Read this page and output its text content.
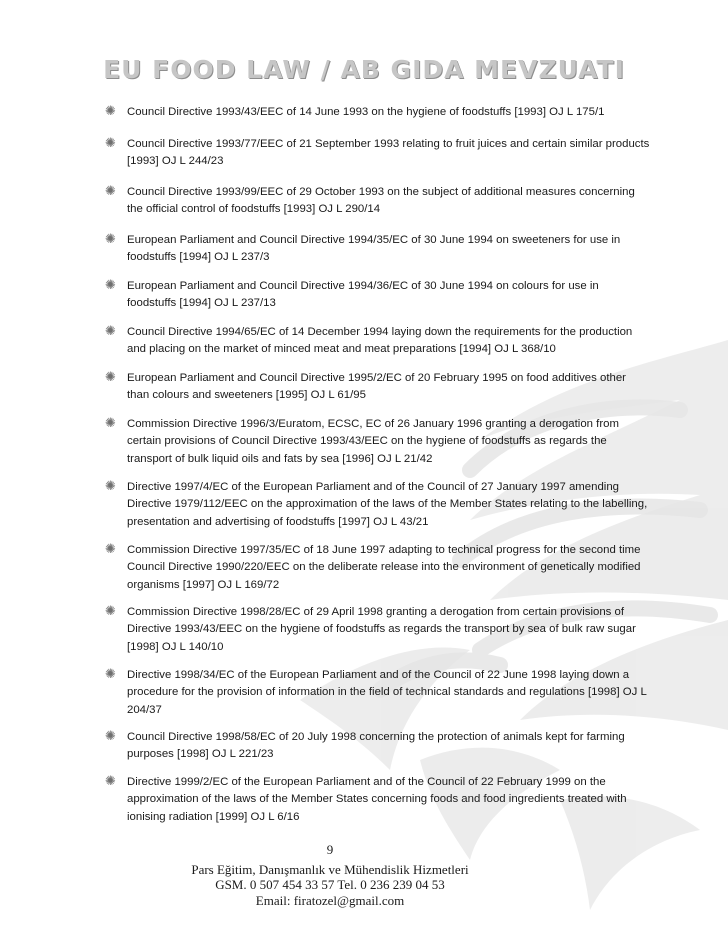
EU FOOD LAW / AB GIDA MEVZUATI
✺ Council Directive 1993/43/EEC of 14 June 1993 on the hygiene of foodstuffs [1993] OJ L 175/1
✺ Council Directive 1993/77/EEC of 21 September 1993 relating to fruit juices and certain similar products [1993] OJ L 244/23
✺ Council Directive 1993/99/EEC of 29 October 1993 on the subject of additional measures concerning the official control of foodstuffs [1993] OJ L 290/14
✺ European Parliament and Council Directive 1994/35/EC of 30 June 1994 on sweeteners for use in foodstuffs [1994] OJ L 237/3
✺ European Parliament and Council Directive 1994/36/EC of 30 June 1994 on colours for use in foodstuffs [1994] OJ L 237/13
✺ Council Directive 1994/65/EC of 14 December 1994 laying down the requirements for the production and placing on the market of minced meat and meat preparations [1994] OJ L 368/10
✺ European Parliament and Council Directive 1995/2/EC of 20 February 1995 on food additives other than colours and sweeteners [1995] OJ L 61/95
✺ Commission Directive 1996/3/Euratom, ECSC, EC of 26 January 1996 granting a derogation from certain provisions of Council Directive 1993/43/EEC on the hygiene of foodstuffs as regards the transport of bulk liquid oils and fats by sea [1996] OJ L 21/42
✺ Directive 1997/4/EC of the European Parliament and of the Council of 27 January 1997 amending Directive 1979/112/EEC on the approximation of the laws of the Member States relating to the labelling, presentation and advertising of foodstuffs [1997] OJ L 43/21
✺ Commission Directive 1997/35/EC of 18 June 1997 adapting to technical progress for the second time Council Directive 1990/220/EEC on the deliberate release into the environment of genetically modified organisms [1997] OJ L 169/72
✺ Commission Directive 1998/28/EC of 29 April 1998 granting a derogation from certain provisions of Directive 1993/43/EEC on the hygiene of foodstuffs as regards the transport by sea of bulk raw sugar [1998] OJ L 140/10
✺ Directive 1998/34/EC of the European Parliament and of the Council of 22 June 1998 laying down a procedure for the provision of information in the field of technical standards and regulations [1998] OJ L 204/37
✺ Council Directive 1998/58/EC of 20 July 1998 concerning the protection of animals kept for farming purposes [1998] OJ L 221/23
✺ Directive 1999/2/EC of the European Parliament and of the Council of 22 February 1999 on the approximation of the laws of the Member States concerning foods and food ingredients treated with ionising radiation [1999] OJ L 6/16
9
Pars Eğitim, Danışmanlık ve Mühendislik Hizmetleri
GSM. 0 507 454 33 57 Tel. 0 236 239 04 53
Email: firatozel@gmail.com
